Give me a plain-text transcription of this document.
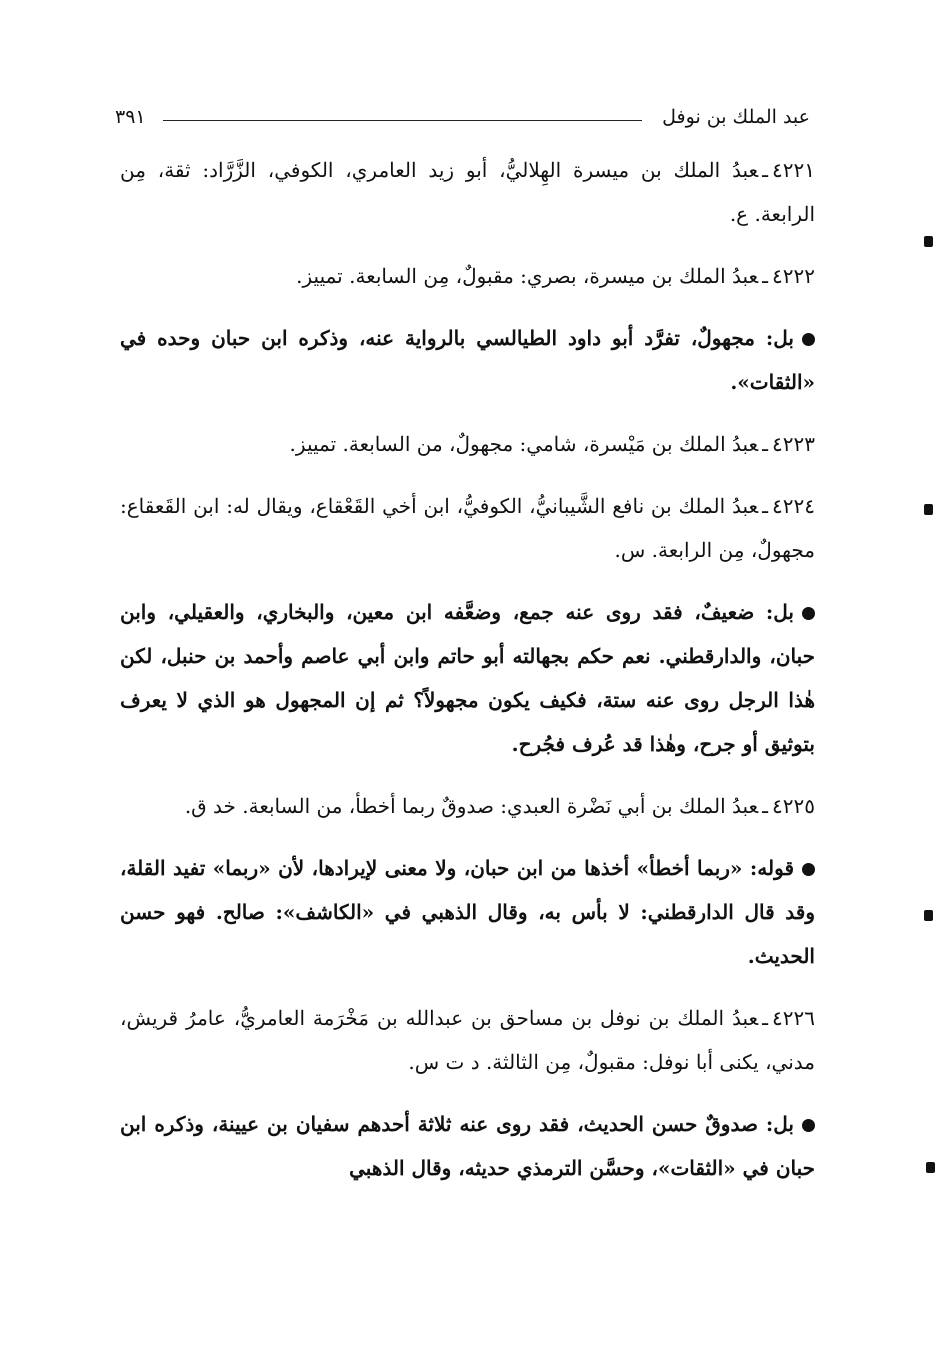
عبد الملك بن نوفل
٣٩١

٤٢٢١ـعبدُ الملك بن ميسرة الهِلاليُّ، أبو زيد العامري، الكوفي، الزَّرَّاد: ثقة، مِن الرابعة. ع.

٤٢٢٢ـعبدُ الملك بن ميسرة، بصري: مقبولٌ، مِن السابعة. تمييز.

بل: مجهولٌ، تفرَّد أبو داود الطيالسي بالرواية عنه، وذكره ابن حبان وحده في «الثقات».

٤٢٢٣ـعبدُ الملك بن مَيْسرة، شامي: مجهولٌ، من السابعة. تمييز.

٤٢٢٤ـعبدُ الملك بن نافع الشَّيبانيُّ، الكوفيُّ، ابن أخي القَعْقاع، ويقال له: ابن القَعقاع: مجهولٌ، مِن الرابعة. س.

بل: ضعيفٌ، فقد روى عنه جمع، وضعَّفه ابن معين، والبخاري، والعقيلي، وابن حبان، والدارقطني. نعم حكم بجهالته أبو حاتم وابن أبي عاصم وأحمد بن حنبل، لكن هٰذا الرجل روى عنه ستة، فكيف يكون مجهولاً؟ ثم إن المجهول هو الذي لا يعرف بتوثيق أو جرح، وهٰذا قد عُرف فجُرح.

٤٢٢٥ـعبدُ الملك بن أبي نَضْرة العبدي: صدوقٌ ربما أخطأ، من السابعة. خد ق.

قوله: «ربما أخطأ» أخذها من ابن حبان، ولا معنى لإيرادها، لأن «ربما» تفيد القلة، وقد قال الدارقطني: لا بأس به، وقال الذهبي في «الكاشف»: صالح. فهو حسن الحديث.

٤٢٢٦ـعبدُ الملك بن نوفل بن مساحق بن عبدالله بن مَخْرَمة العامريُّ، عامرُ قريش، مدني، يكنى أبا نوفل: مقبولٌ، مِن الثالثة. د ت س.

بل: صدوقٌ حسن الحديث، فقد روى عنه ثلاثة أحدهم سفيان بن عيينة، وذكره ابن حبان في «الثقات»، وحسَّن الترمذي حديثه، وقال الذهبي
